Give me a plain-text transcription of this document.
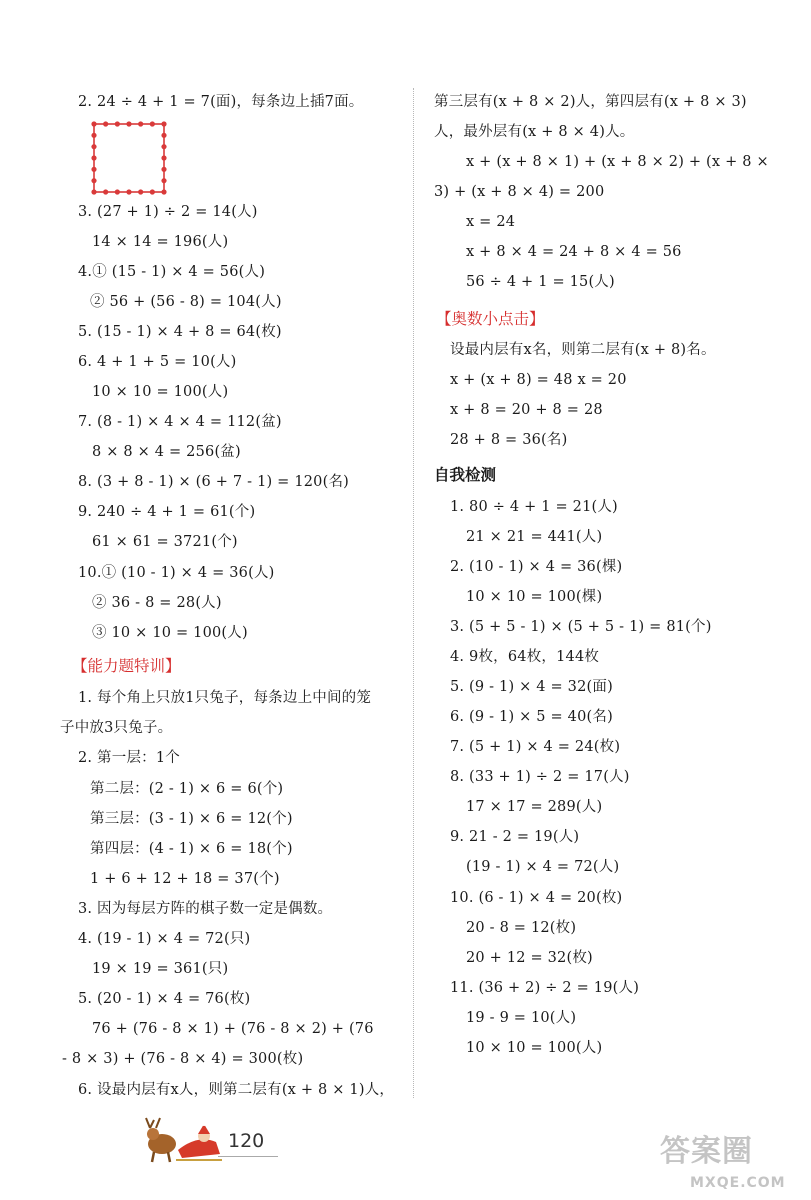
2. 24 ÷ 4 + 1 = 7(面)，每条边上插7面。
3. (27 + 1) ÷ 2 = 14(人)
14 × 14 = 196(人)
4.① (15 - 1) × 4 = 56(人)
② 56 + (56 - 8) = 104(人)
5. (15 - 1) × 4 + 8 = 64(枚)
6. 4 + 1 + 5 = 10(人)
10 × 10 = 100(人)
7. (8 - 1) × 4 × 4 = 112(盆)
8 × 8 × 4 = 256(盆)
8. (3 + 8 - 1) × (6 + 7 - 1) = 120(名)
9. 240 ÷ 4 + 1 = 61(个)
61 × 61 = 3721(个)
10.① (10 - 1) × 4 = 36(人)
② 36 - 8 = 28(人)
③ 10 × 10 = 100(人)
【能力题特训】
1. 每个角上只放1只兔子，每条边上中间的笼
子中放3只兔子。
2. 第一层：1个
第二层：(2 - 1) × 6 = 6(个)
第三层：(3 - 1) × 6 = 12(个)
第四层：(4 - 1) × 6 = 18(个)
1 + 6 + 12 + 18 = 37(个)
3. 因为每层方阵的棋子数一定是偶数。
4. (19 - 1) × 4 = 72(只)
19 × 19 = 361(只)
5. (20 - 1) × 4 = 76(枚)
76 + (76 - 8 × 1) + (76 - 8 × 2) + (76
- 8 × 3) + (76 - 8 × 4) = 300(枚)
6. 设最内层有x人，则第二层有(x + 8 × 1)人，
第三层有(x + 8 × 2)人，第四层有(x + 8 × 3)
人，最外层有(x + 8 × 4)人。
x + (x + 8 × 1) + (x + 8 × 2) + (x + 8 ×
3) + (x + 8 × 4) = 200
x = 24
x + 8 × 4 = 24 + 8 × 4 = 56
56 ÷ 4 + 1 = 15(人)
【奥数小点击】
设最内层有x名，则第二层有(x + 8)名。
x + (x + 8) = 48 x = 20
x + 8 = 20 + 8 = 28
28 + 8 = 36(名)
自我检测
1. 80 ÷ 4 + 1 = 21(人)
21 × 21 = 441(人)
2. (10 - 1) × 4 = 36(棵)
10 × 10 = 100(棵)
3. (5 + 5 - 1) × (5 + 5 - 1) = 81(个)
4. 9枚，64枚，144枚
5. (9 - 1) × 4 = 32(面)
6. (9 - 1) × 5 = 40(名)
7. (5 + 1) × 4 = 24(枚)
8. (33 + 1) ÷ 2 = 17(人)
17 × 17 = 289(人)
9. 21 - 2 = 19(人)
(19 - 1) × 4 = 72(人)
10. (6 - 1) × 4 = 20(枚)
20 - 8 = 12(枚)
20 + 12 = 32(枚)
11. (36 + 2) ÷ 2 = 19(人)
19 - 9 = 10(人)
10 × 10 = 100(人)
120	答案圈
MXQE.COM
